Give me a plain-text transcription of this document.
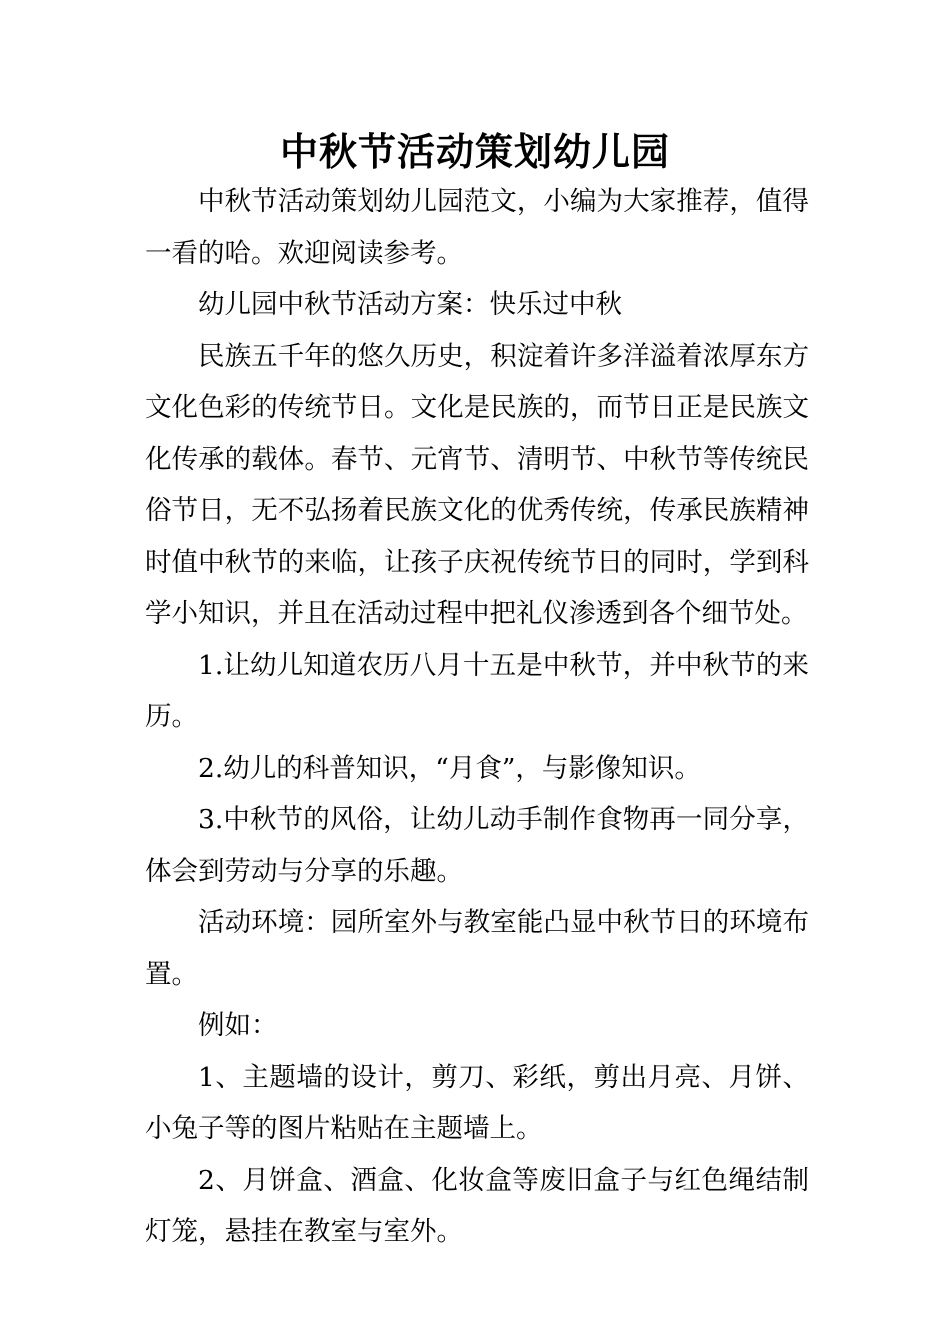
中秋节活动策划幼儿园

中秋节活动策划幼儿园范文，小编为大家推荐，值得一看的哈。欢迎阅读参考。

幼儿园中秋节活动方案：快乐过中秋

民族五千年的悠久历史，积淀着许多洋溢着浓厚东方文化色彩的传统节日。文化是民族的，而节日正是民族文化传承的载体。春节、元宵节、清明节、中秋节等传统民俗节日，无不弘扬着民族文化的优秀传统，传承民族精神时值中秋节的来临，让孩子庆祝传统节日的同时，学到科学小知识，并且在活动过程中把礼仪渗透到各个细节处。

1.让幼儿知道农历八月十五是中秋节，并中秋节的来历。

2.幼儿的科普知识，“月食”，与影像知识。

3.中秋节的风俗，让幼儿动手制作食物再一同分享，体会到劳动与分享的乐趣。

活动环境：园所室外与教室能凸显中秋节日的环境布置。

例如：

1、主题墙的设计，剪刀、彩纸，剪出月亮、月饼、小兔子等的图片粘贴在主题墙上。

2、月饼盒、酒盒、化妆盒等废旧盒子与红色绳结制灯笼，悬挂在教室与室外。
